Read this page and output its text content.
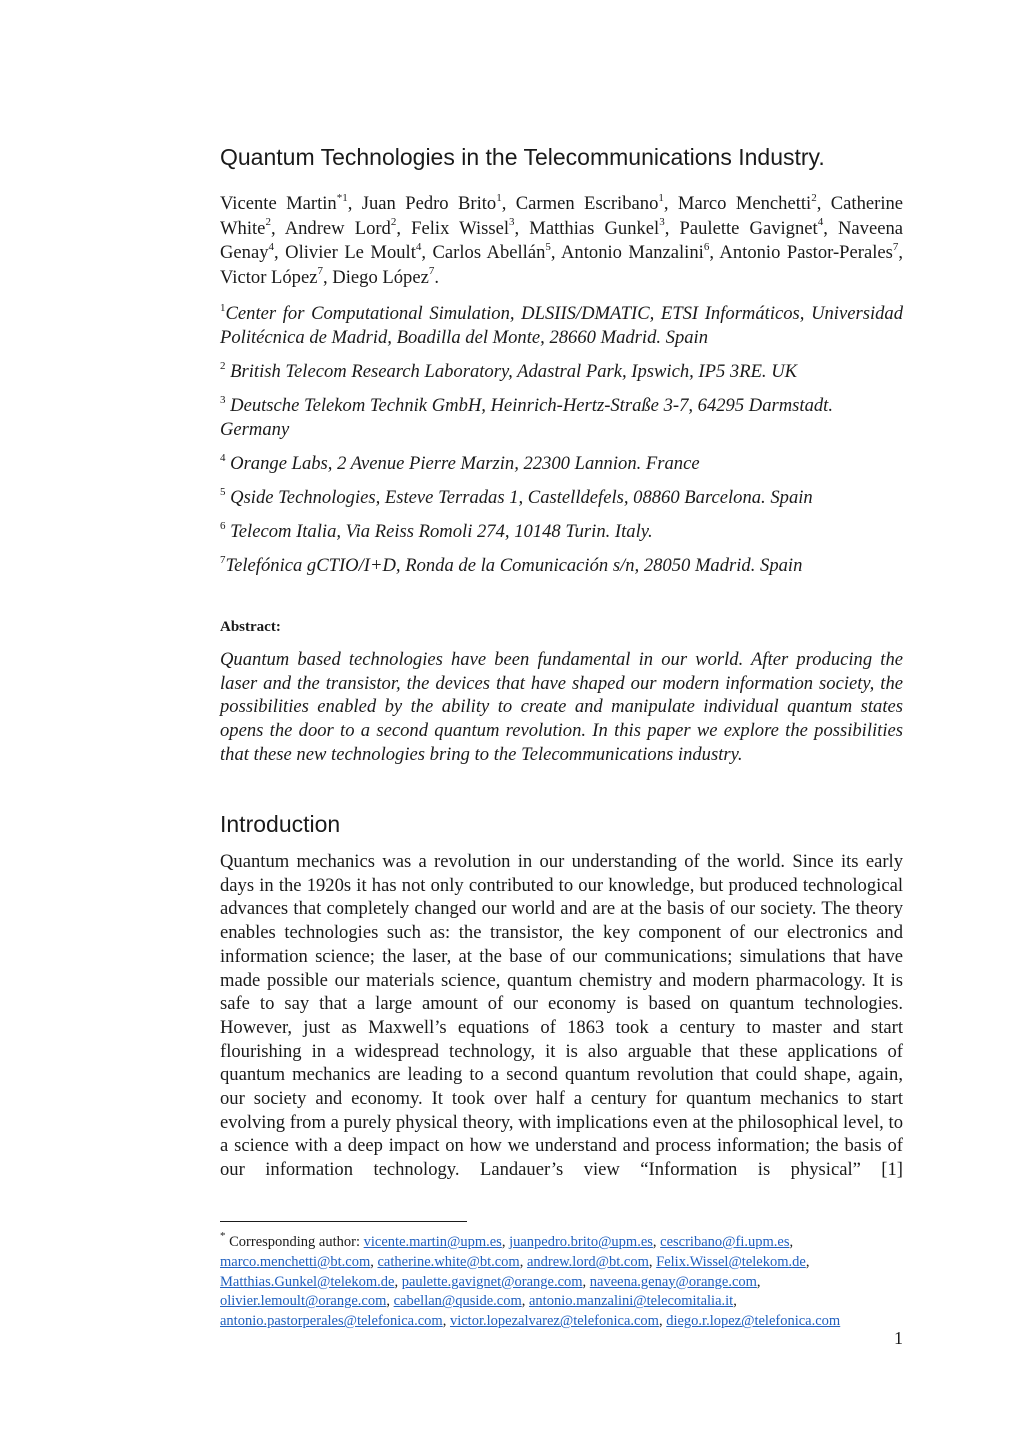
Quantum Technologies in the Telecommunications Industry.
Vicente Martin$^{*1}$, Juan Pedro Brito$^1$, Carmen Escribano$^1$, Marco Menchetti$^2$, Catherine White$^2$, Andrew Lord$^2$, Felix Wissel$^3$, Matthias Gunkel$^3$, Paulette Gavignet$^4$, Naveena Genay$^4$, Olivier Le Moult$^4$, Carlos Abellán$^5$, Antonio Manzalini$^6$, Antonio Pastor-Perales$^7$, Victor López$^7$, Diego López$^7$.
$^1$Center for Computational Simulation, DLSIIS/DMATIC, ETSI Informáticos, Universidad Politécnica de Madrid, Boadilla del Monte, 28660 Madrid. Spain
$^2$ British Telecom Research Laboratory, Adastral Park, Ipswich, IP5 3RE. UK
$^3$ Deutsche Telekom Technik GmbH, Heinrich-Hertz-Straße 3-7, 64295 Darmstadt. Germany
$^4$ Orange Labs, 2 Avenue Pierre Marzin, 22300 Lannion. France
$^5$ Qside Technologies, Esteve Terradas 1, Castelldefels, 08860 Barcelona. Spain
$^6$ Telecom Italia, Via Reiss Romoli 274, 10148 Turin. Italy.
$^7$Telefónica gCTIO/I+D, Ronda de la Comunicación s/n, 28050 Madrid. Spain
Abstract:
Quantum based technologies have been fundamental in our world. After producing the laser and the transistor, the devices that have shaped our modern information society, the possibilities enabled by the ability to create and manipulate individual quantum states opens the door to a second quantum revolution. In this paper we explore the possibilities that these new technologies bring to the Telecommunications industry.
Introduction
Quantum mechanics was a revolution in our understanding of the world. Since its early days in the 1920s it has not only contributed to our knowledge, but produced technological advances that completely changed our world and are at the basis of our society. The theory enables technologies such as: the transistor, the key component of our electronics and information science; the laser, at the base of our communications; simulations that have made possible our materials science, quantum chemistry and modern pharmacology. It is safe to say that a large amount of our economy is based on quantum technologies. However, just as Maxwell’s equations of 1863 took a century to master and start flourishing in a widespread technology, it is also arguable that these applications of quantum mechanics are leading to a second quantum revolution that could shape, again, our society and economy. It took over half a century for quantum mechanics to start evolving from a purely physical theory, with implications even at the philosophical level, to a science with a deep impact on how we understand and process information; the basis of our information technology. Landauer’s view “Information is physical” [1]
* Corresponding author: vicente.martin@upm.es, juanpedro.brito@upm.es, cescribano@fi.upm.es, marco.menchetti@bt.com, catherine.white@bt.com, andrew.lord@bt.com, Felix.Wissel@telekom.de, Matthias.Gunkel@telekom.de, paulette.gavignet@orange.com, naveena.genay@orange.com, olivier.lemoult@orange.com, cabellan@quside.com, antonio.manzalini@telecomitalia.it, antonio.pastorperales@telefonica.com, victor.lopezalvarez@telefonica.com, diego.r.lopez@telefonica.com
1
